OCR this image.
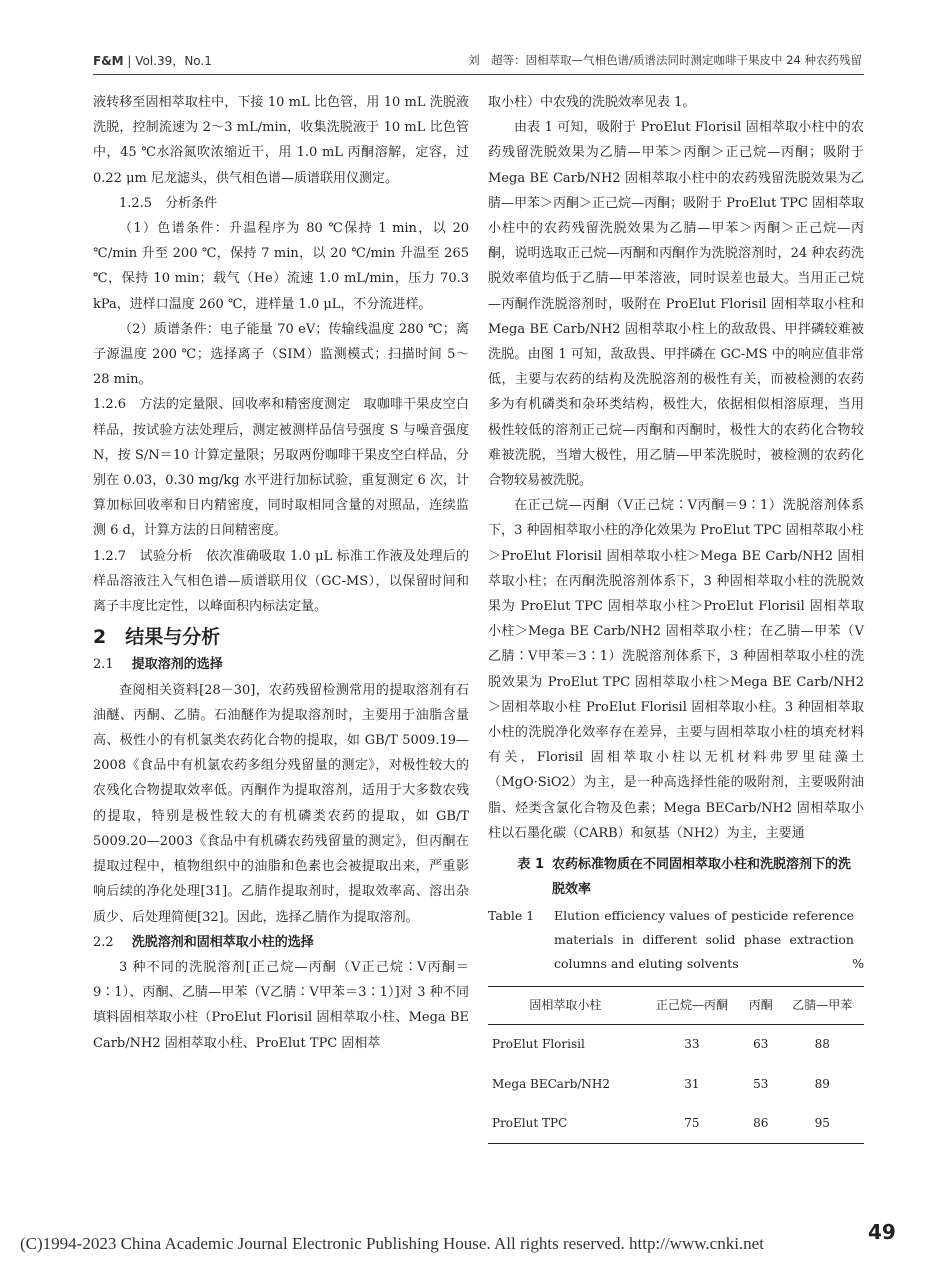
F&M | Vol.39，No.1	刘　超等：固相萃取—气相色谱/质谱法同时测定咖啡干果皮中 24 种农药残留

液转移至固相萃取柱中，下接 10 mL 比色管，用 10 mL 洗脱液洗脱，控制流速为 2～3 mL/min，收集洗脱液于 10 mL 比色管中，45 ℃水浴氮吹浓缩近干，用 1.0 mL 丙酮溶解，定容，过 0.22 μm 尼龙滤头，供气相色谱—质谱联用仪测定。

1.2.5　分析条件

（1）色谱条件：升温程序为 80 ℃保持 1 min，以 20 ℃/min 升至 200 ℃，保持 7 min，以 20 ℃/min 升温至 265 ℃，保持 10 min；载气（He）流速 1.0 mL/min，压力 70.3 kPa，进样口温度 260 ℃，进样量 1.0 μL，不分流进样。

（2）质谱条件：电子能量 70 eV；传输线温度 280 ℃；离子源温度 200 ℃；选择离子（SIM）监测模式；扫描时间 5～28 min。

1.2.6　方法的定量限、回收率和精密度测定　取咖啡干果皮空白样品，按试验方法处理后，测定被测样品信号强度 S 与噪音强度 N，按 S/N＝10 计算定量限；另取两份咖啡干果皮空白样品，分别在 0.03，0.30 mg/kg 水平进行加标试验，重复测定 6 次，计算加标回收率和日内精密度，同时取相同含量的对照品，连续监测 6 d，计算方法的日间精密度。

1.2.7　试验分析　依次准确吸取 1.0 μL 标准工作液及处理后的样品溶液注入气相色谱—质谱联用仪（GC-MS），以保留时间和离子丰度比定性，以峰面积内标法定量。

2　结果与分析
2.1 提取溶剂的选择

查阅相关资料[28－30]，农药残留检测常用的提取溶剂有石油醚、丙酮、乙腈。石油醚作为提取溶剂时，主要用于油脂含量高、极性小的有机氯类农药化合物的提取，如 GB/T 5009.19—2008《食品中有机氯农药多组分残留量的测定》，对极性较大的农残化合物提取效率低。丙酮作为提取溶剂，适用于大多数农残的提取，特别是极性较大的有机磷类农药的提取，如 GB/T 5009.20—2003《食品中有机磷农药残留量的测定》，但丙酮在提取过程中，植物组织中的油脂和色素也会被提取出来，严重影响后续的净化处理[31]。乙腈作提取剂时，提取效率高、溶出杂质少、后处理简便[32]。因此，选择乙腈作为提取溶剂。

2.2 洗脱溶剂和固相萃取小柱的选择

3 种不同的洗脱溶剂[正己烷—丙酮（V正己烷∶V丙酮＝9∶1）、丙酮、乙腈—甲苯（V乙腈∶V甲苯＝3∶1）]对 3 种不同填料固相萃取小柱（ProElut Florisil 固相萃取小柱、Mega BE Carb/NH2 固相萃取小柱、ProElut TPC 固相萃

取小柱）中农残的洗脱效率见表 1。

由表 1 可知，吸附于 ProElut Florisil 固相萃取小柱中的农药残留洗脱效果为乙腈—甲苯＞丙酮＞正己烷—丙酮；吸附于 Mega BE Carb/NH2 固相萃取小柱中的农药残留洗脱效果为乙腈—甲苯＞丙酮＞正己烷—丙酮；吸附于 ProElut TPC 固相萃取小柱中的农药残留洗脱效果为乙腈—甲苯＞丙酮＞正己烷—丙酮，说明选取正己烷—丙酮和丙酮作为洗脱溶剂时，24 种农药洗脱效率值均低于乙腈—甲苯溶液，同时误差也最大。当用正己烷—丙酮作洗脱溶剂时，吸附在 ProElut Florisil 固相萃取小柱和 Mega BE Carb/NH2 固相萃取小柱上的敌敌畏、甲拌磷较难被洗脱。由图 1 可知，敌敌畏、甲拌磷在 GC-MS 中的响应值非常低，主要与农药的结构及洗脱溶剂的极性有关，而被检测的农药多为有机磷类和杂环类结构，极性大，依据相似相溶原理，当用极性较低的溶剂正己烷—丙酮和丙酮时，极性大的农药化合物较难被洗脱，当增大极性，用乙腈—甲苯洗脱时，被检测的农药化合物较易被洗脱。

在正己烷—丙酮（V正己烷∶V丙酮＝9∶1）洗脱溶剂体系下，3 种固相萃取小柱的净化效果为 ProElut TPC 固相萃取小柱＞ProElut Florisil 固相萃取小柱＞Mega BE Carb/NH2 固相萃取小柱；在丙酮洗脱溶剂体系下，3 种固相萃取小柱的洗脱效果为 ProElut TPC 固相萃取小柱＞ProElut Florisil 固相萃取小柱＞Mega BE Carb/NH2 固相萃取小柱；在乙腈—甲苯（V乙腈∶V甲苯＝3∶1）洗脱溶剂体系下，3 种固相萃取小柱的洗脱效果为 ProElut TPC 固相萃取小柱＞Mega BE Carb/NH2＞固相萃取小柱 ProElut Florisil 固相萃取小柱。3 种固相萃取小柱的洗脱净化效率存在差异，主要与固相萃取小柱的填充材料有关，Florisil 固相萃取小柱以无机材料弗罗里硅藻土（MgO·SiO2）为主，是一种高选择性能的吸附剂，主要吸附油脂、烃类含氯化合物及色素；Mega BECarb/NH2 固相萃取小柱以石墨化碳（CARB）和氨基（NH2）为主，主要通

表 1 农药标准物质在不同固相萃取小柱和洗脱溶剂下的洗脱效率
Table 1 Elution efficiency values of pesticide reference materials in different solid phase extraction columns and eluting solvents	%
固相萃取小柱	正己烷—丙酮	丙酮	乙腈—甲苯
ProElut Florisil	33	63	88
Mega BECarb/NH2	31	53	89
ProElut TPC	75	86	95
49
(C)1994-2023 China Academic Journal Electronic Publishing House. All rights reserved. http://www.cnki.net
